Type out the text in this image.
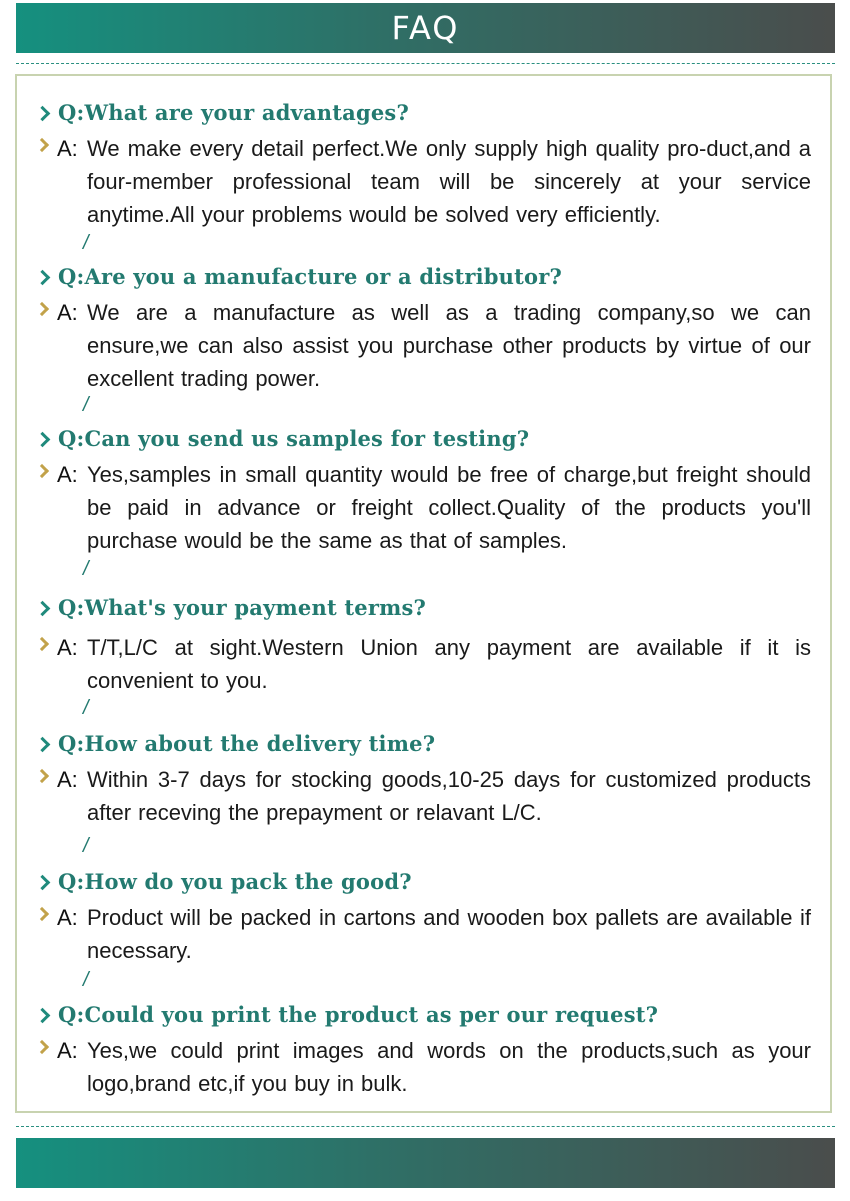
FAQ
Q:What are your advantages?
A: We make every detail perfect.We only supply high quality pro-duct,and a four-member professional team will be sincerely at your service anytime.All your problems would be solved very efficiently.
/
Q:Are you a manufacture or a distributor?
A: We are a manufacture as well as a trading company,so we can ensure,we can also assist you purchase other products by virtue of our excellent trading power.
/
Q:Can you send us samples for testing?
A: Yes,samples in small quantity would be free of charge,but freight should be paid in advance or freight collect.Quality of the products you'll purchase would be the same as that of samples.
/
Q:What's your payment terms?
A: T/T,L/C at sight.Western Union any payment are available if it is convenient to you.
/
Q:How about the delivery time?
A: Within 3-7 days for stocking goods,10-25 days for customized products after receving the prepayment or relavant L/C.
/
Q:How do you pack the good?
A: Product will be packed in cartons and wooden box pallets are available if necessary.
/
Q:Could you print the product as per our request?
A: Yes,we could print images and words on the products,such as your logo,brand etc,if you buy in bulk.
